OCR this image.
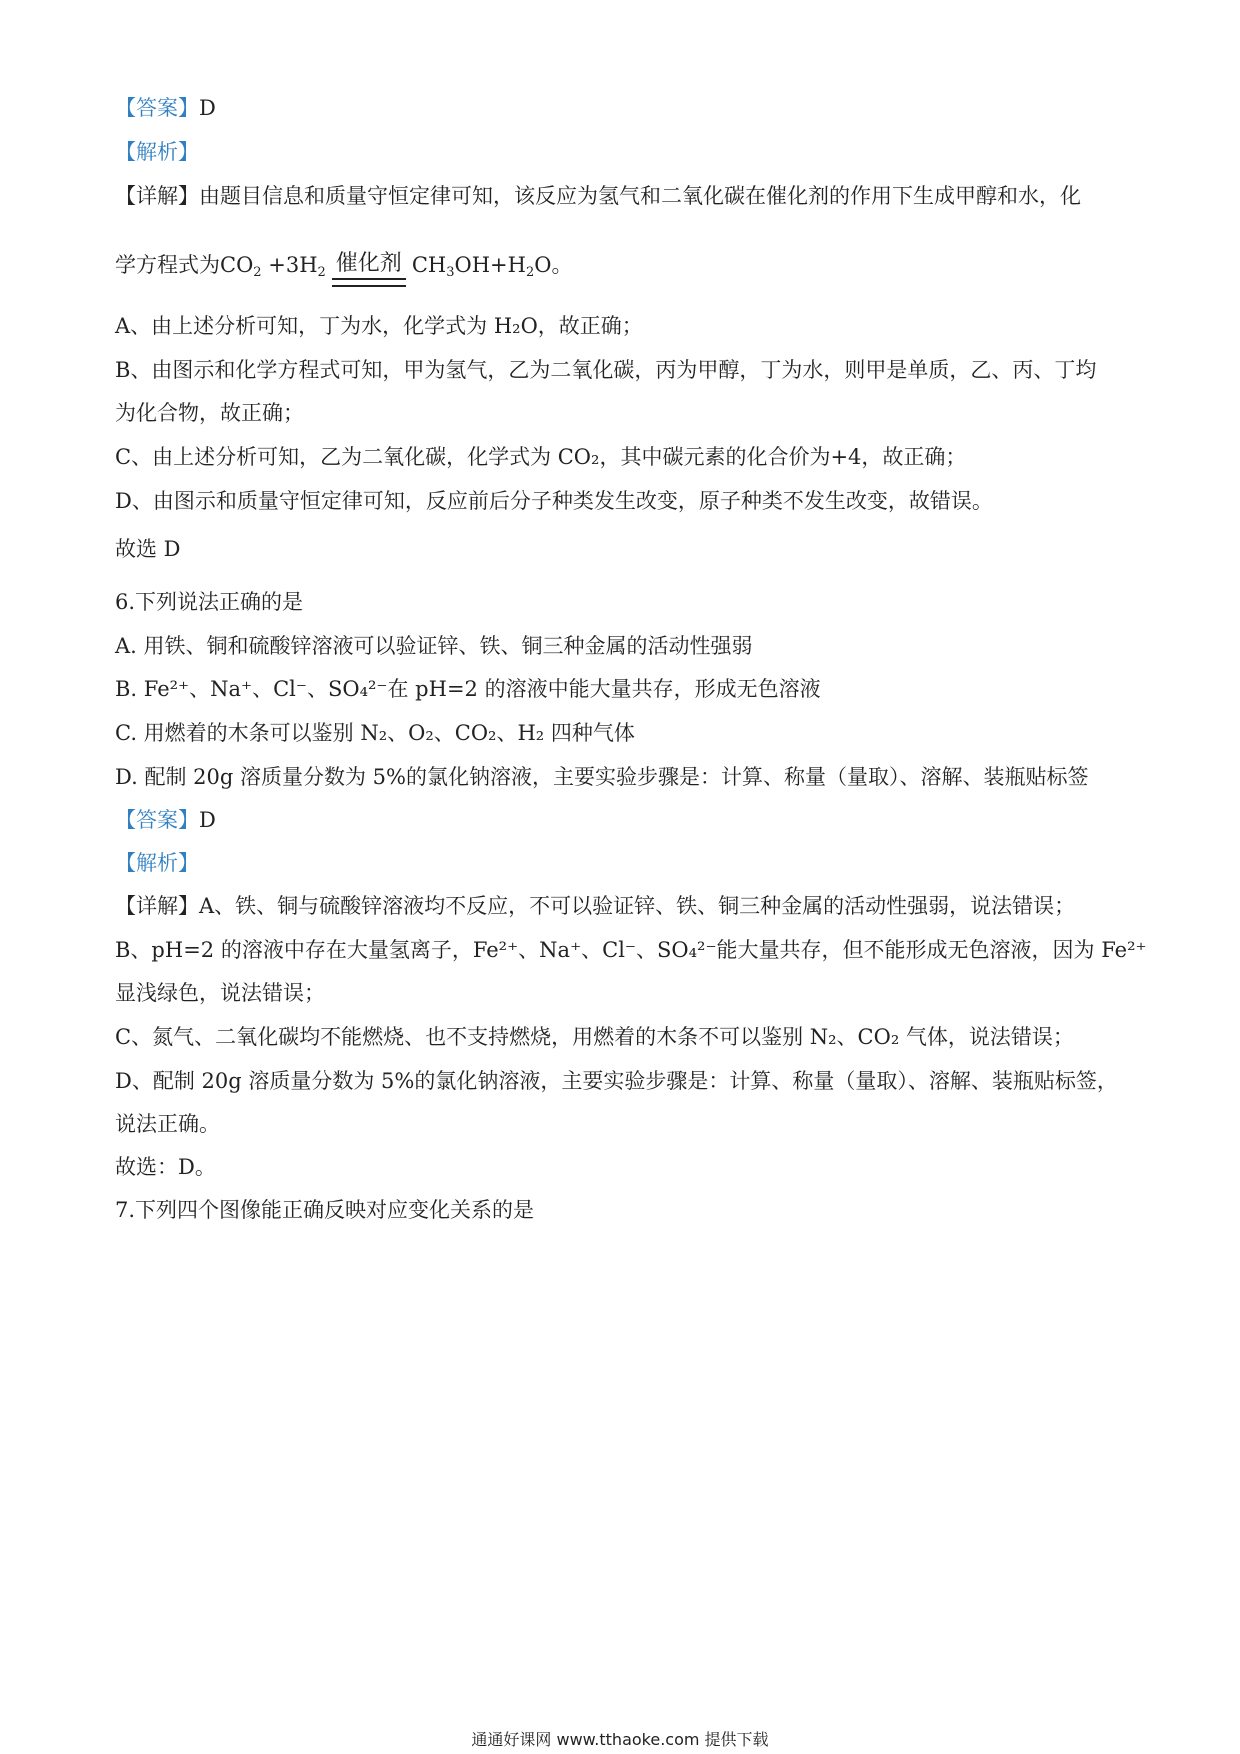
【答案】D
【解析】
【详解】由题目信息和质量守恒定律可知，该反应为氢气和二氧化碳在催化剂的作用下生成甲醇和水，化
学方程式为 $CO_2 +3H_2$ 催化剂 $CH_3OH+H_2O$ 。
A、由上述分析可知，丁为水，化学式为 H₂O，故正确；
B、由图示和化学方程式可知，甲为氢气，乙为二氧化碳，丙为甲醇，丁为水，则甲是单质，乙、丙、丁均
为化合物，故正确；
C、由上述分析可知，乙为二氧化碳，化学式为 CO₂，其中碳元素的化合价为+4，故正确；
D、由图示和质量守恒定律可知，反应前后分子种类发生改变，原子种类不发生改变，故错误。
故选 D
6.下列说法正确的是
A. 用铁、铜和硫酸锌溶液可以验证锌、铁、铜三种金属的活动性强弱
B. Fe²⁺、Na⁺、Cl⁻、SO₄²⁻在 pH=2 的溶液中能大量共存，形成无色溶液
C. 用燃着的木条可以鉴别 N₂、O₂、CO₂、H₂ 四种气体
D. 配制 20g 溶质量分数为 5%的氯化钠溶液，主要实验步骤是：计算、称量（量取）、溶解、装瓶贴标签
【答案】D
【解析】
【详解】A、铁、铜与硫酸锌溶液均不反应，不可以验证锌、铁、铜三种金属的活动性强弱，说法错误；
B、pH=2 的溶液中存在大量氢离子，Fe²⁺、Na⁺、Cl⁻、SO₄²⁻能大量共存，但不能形成无色溶液，因为 Fe²⁺
显浅绿色，说法错误；
C、氮气、二氧化碳均不能燃烧、也不支持燃烧，用燃着的木条不可以鉴别 N₂、CO₂ 气体，说法错误；
D、配制 20g 溶质量分数为 5%的氯化钠溶液，主要实验步骤是：计算、称量（量取）、溶解、装瓶贴标签，
说法正确。
故选：D。
7.下列四个图像能正确反映对应变化关系的是
通通好课网 www.tthaoke.com 提供下载
